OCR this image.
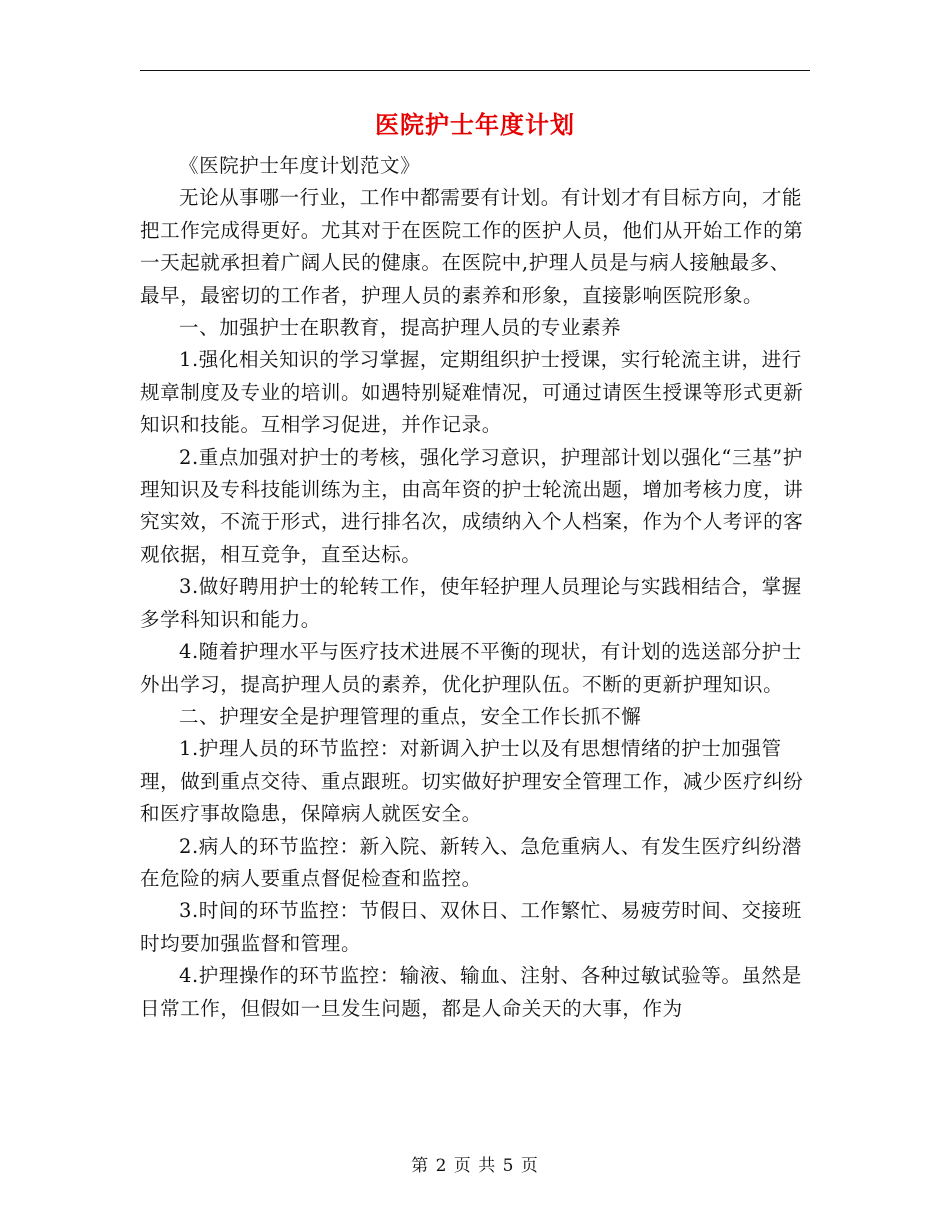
医院护士年度计划

《医院护士年度计划范文》

无论从事哪一行业，工作中都需要有计划。有计划才有目标方向，才能把工作完成得更好。尤其对于在医院工作的医护人员，他们从开始工作的第一天起就承担着广阔人民的健康。在医院中,护理人员是与病人接触最多、最早，最密切的工作者，护理人员的素养和形象，直接影响医院形象。

一、加强护士在职教育，提高护理人员的专业素养

1.强化相关知识的学习掌握，定期组织护士授课，实行轮流主讲，进行规章制度及专业的培训。如遇特别疑难情况，可通过请医生授课等形式更新知识和技能。互相学习促进，并作记录。

2.重点加强对护士的考核，强化学习意识，护理部计划以强化“三基”护理知识及专科技能训练为主，由高年资的护士轮流出题，增加考核力度，讲究实效，不流于形式，进行排名次，成绩纳入个人档案，作为个人考评的客观依据，相互竞争，直至达标。

3.做好聘用护士的轮转工作，使年轻护理人员理论与实践相结合，掌握多学科知识和能力。

4.随着护理水平与医疗技术进展不平衡的现状，有计划的选送部分护士外出学习，提高护理人员的素养，优化护理队伍。不断的更新护理知识。

二、护理安全是护理管理的重点，安全工作长抓不懈

1.护理人员的环节监控：对新调入护士以及有思想情绪的护士加强管理，做到重点交待、重点跟班。切实做好护理安全管理工作，减少医疗纠纷和医疗事故隐患，保障病人就医安全。

2.病人的环节监控：新入院、新转入、急危重病人、有发生医疗纠纷潜在危险的病人要重点督促检查和监控。

3.时间的环节监控：节假日、双休日、工作繁忙、易疲劳时间、交接班时均要加强监督和管理。

4.护理操作的环节监控：输液、输血、注射、各种过敏试验等。虽然是日常工作，但假如一旦发生问题，都是人命关天的大事，作为

第 2 页 共 5 页
